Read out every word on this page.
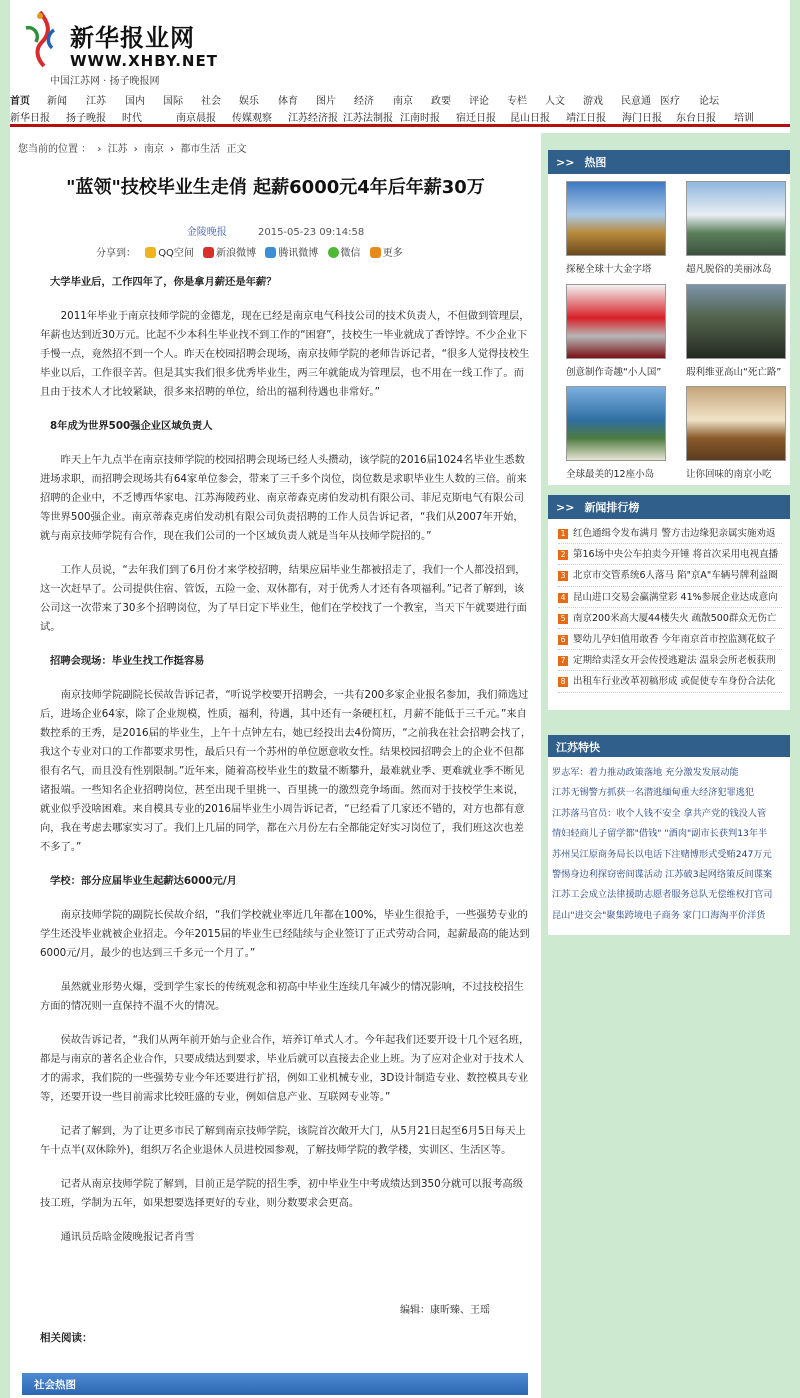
新华报业网
WWW.XHBY.NET
中国江苏网 · 扬子晚报网
首页 新闻 江苏 国内 国际 社会 娱乐 体育 图片 经济 南京 政要 评论 专栏 人文 游戏 民意通 医疗 论坛
新华日报 扬子晚报 时代	南京晨报 传媒观察 江苏经济报 江苏法制报 江南时报 宿迁日报 昆山日报 靖江日报 海门日报 东台日报 培训
您当前的位置 ： › 江苏 › 南京 › 都市生活 正文
"蓝领"技校毕业生走俏 起薪6000元4年后年薪30万
金陵晚报	2015-05-23 09:14:58
分享到： QQ空间 新浪微博 腾讯微博 微信 更多

大学毕业后，工作四年了，你是拿月薪还是年薪？

2011年毕业于南京技师学院的金德龙，现在已经是南京电气科技公司的技术负责人，不但做到管理层，年薪也达到近30万元。比起不少本科生毕业找不到工作的“困窘”，技校生一毕业就成了香饽饽。不少企业下手慢一点，竟然招不到一个人。昨天在校园招聘会现场，南京技师学院的老师告诉记者，“很多人觉得技校生毕业以后，工作很辛苦。但是其实我们很多优秀毕业生，两三年就能成为管理层，也不用在一线工作了。而且由于技术人才比较紧缺，很多来招聘的单位，给出的福利待遇也非常好。”

8年成为世界500强企业区域负责人

昨天上午九点半在南京技师学院的校园招聘会现场已经人头攒动，该学院的2016届1024名毕业生悉数进场求职，而招聘会现场共有64家单位参会，带来了三千多个岗位，岗位数是求职毕业生人数的三倍。前来招聘的企业中，不乏博西华家电、江苏海陵药业、南京蒂森克虏伯发动机有限公司、菲尼克斯电气有限公司等世界500强企业。南京蒂森克虏伯发动机有限公司负责招聘的工作人员告诉记者，“我们从2007年开始，就与南京技师学院有合作，现在我们公司的一个区域负责人就是当年从技师学院招的。”

工作人员说，“去年我们到了6月份才来学校招聘，结果应届毕业生都被招走了，我们一个人都没招到，这一次赶早了。公司提供住宿、管饭，五险一金、双休都有，对于优秀人才还有各项福利。”记者了解到，该公司这一次带来了30多个招聘岗位，为了早日定下毕业生，他们在学校找了一个教室，当天下午就要进行面试。

招聘会现场：毕业生找工作挺容易

南京技师学院副院长侯故告诉记者，“听说学校要开招聘会，一共有200多家企业报名参加，我们筛选过后，进场企业64家，除了企业规模，性质，福利，待遇，其中还有一条硬杠杠，月薪不能低于三千元。”来自数控系的王秀，是2016届的毕业生，上午十点钟左右，她已经投出去4份简历，“之前我在社会招聘会找了，我这个专业对口的工作都要求男性，最后只有一个苏州的单位愿意收女性。结果校园招聘会上的企业不但都很有名气，而且没有性别限制。”近年来，随着高校毕业生的数量不断攀升，最难就业季、更难就业季不断见诸报端。一些知名企业招聘岗位，甚至出现千里挑一、百里挑一的激烈竞争场面。然而对于技校学生来说，就业似乎没啥困难。来自模具专业的2016届毕业生小周告诉记者，“已经看了几家还不错的，对方也都有意向，我在考虑去哪家实习了。我们上几届的同学，都在六月份左右全都能定好实习岗位了，我们班这次也差不多了。”

学校：部分应届毕业生起薪达6000元/月

南京技师学院的副院长侯故介绍，“我们学校就业率近几年都在100%，毕业生很抢手，一些强势专业的学生还没毕业就被企业招走。今年2015届的毕业生已经陆续与企业签订了正式劳动合同，起薪最高的能达到6000元/月，最少的也达到三千多元一个月了。”

虽然就业形势火爆，受到学生家长的传统观念和初高中毕业生连续几年减少的情况影响，不过技校招生方面的情况则一直保持不温不火的情况。

侯故告诉记者，“我们从两年前开始与企业合作，培养订单式人才。今年起我们还要开设十几个冠名班，都是与南京的著名企业合作，只要成绩达到要求，毕业后就可以直接去企业上班。为了应对企业对于技术人才的需求，我们院的一些强势专业今年还要进行扩招，例如工业机械专业，3D设计制造专业、数控模具专业等，还要开设一些目前需求比较旺盛的专业，例如信息产业、互联网专业等。”

记者了解到，为了让更多市民了解到南京技师学院，该院首次敞开大门，从5月21日起至6月5日每天上午十点半(双休除外)，组织万名企业退休人员进校园参观，了解技师学院的教学楼，实训区、生活区等。

记者从南京技师学院了解到，目前正是学院的招生季，初中毕业生中考成绩达到350分就可以报考高级技工班，学制为五年，如果想要选择更好的专业，则分数要求会更高。

通讯员岳晗金陵晚报记者肖雪

编辑：康昕臻、王瑶
相关阅读：
社会热图
>> 热图
探秘全球十大金字塔	超凡脱俗的美丽冰岛
创意制作奇趣“小人国”	瑕利维亚高山“死亡路”
全球最美的12座小岛	让你回味的南京小吃
>> 新闻排行榜
1 红色通缉令发布满月 警方击边缘犯亲属实施劝返
2 第16场中央公车拍卖今开锤 将首次采用电视直播
3 北京市交管系统6人落马 陷"京A"车辆号牌利益圈
4 昆山进口交易会赢满堂彩 41%参展企业达成意向
5 南京200米高大厦44楼失火 疏散500群众无伤亡
6 婴幼儿孕妇值用敢香 今年南京首市控监测花蚊子
7 定期给卖淫女开会传授逃避法 温泉会所老板获刑
8 出租车行业改革初稿形成 或促使专车身份合法化
江苏特快
罗志军：着力推动政策落地 充分激发发展动能
江苏无锡警方抓获一名潜逃缅甸重大经济犯罪逃犯
江苏落马官员：收个人钱不安全 拿共产党的钱没人管
情妇轻商儿子留学都"借钱" "酒肉"副市长获判13年半
苏州吴江原商务局长以电话下注赌博形式受贿247万元
警惕身边利探窃密间谍活动 江苏破3起网络策反间谍案
江苏工会成立法律援助志愿者服务总队无偿维权打官司
昆山"进交会"聚集跨境电子商务 家门口海淘平价洋货
